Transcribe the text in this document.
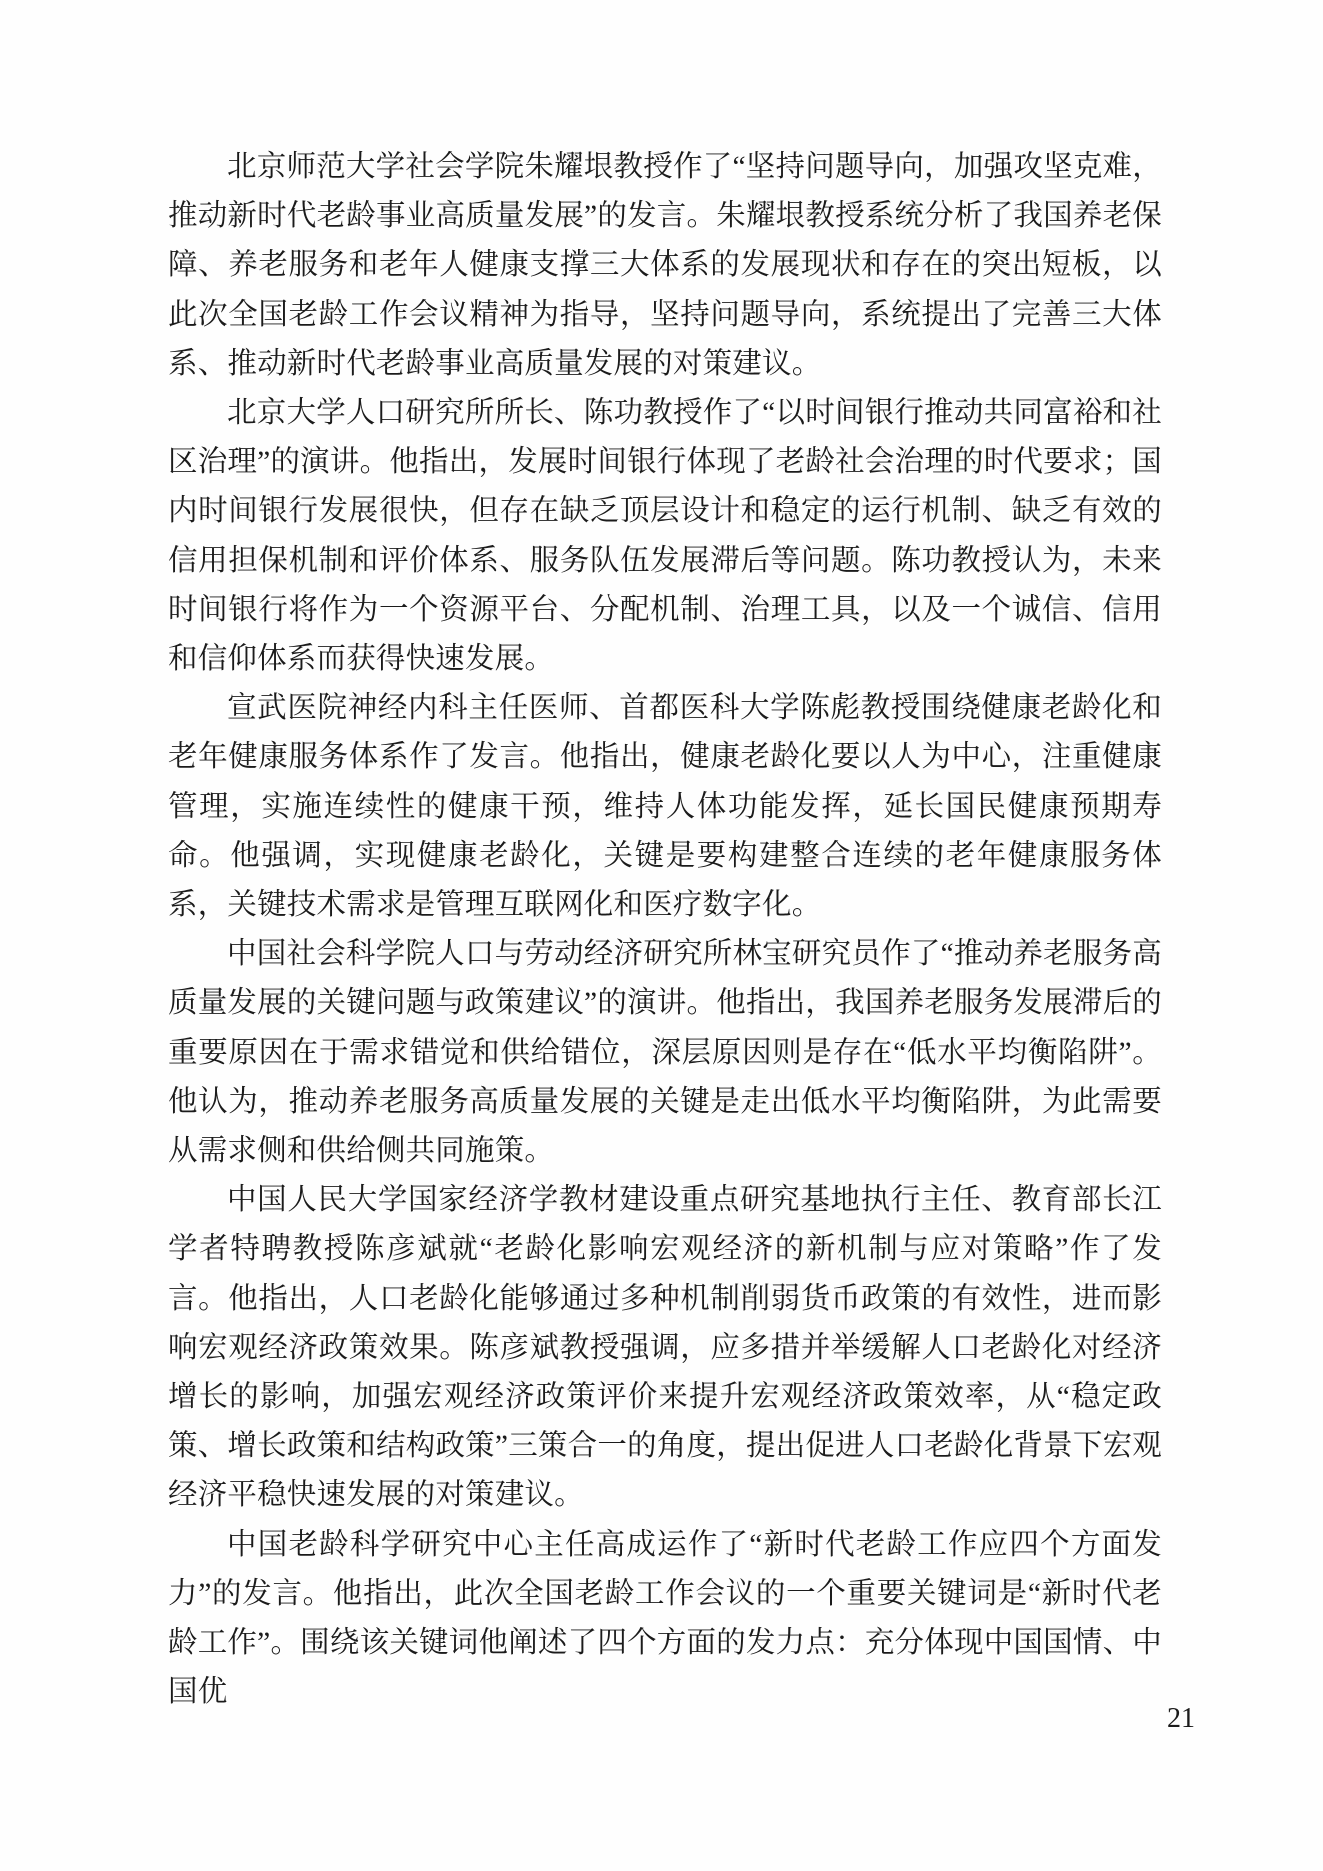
北京师范大学社会学院朱耀垠教授作了“坚持问题导向，加强攻坚克难，推动新时代老龄事业高质量发展”的发言。朱耀垠教授系统分析了我国养老保障、养老服务和老年人健康支撑三大体系的发展现状和存在的突出短板，以此次全国老龄工作会议精神为指导，坚持问题导向，系统提出了完善三大体系、推动新时代老龄事业高质量发展的对策建议。

北京大学人口研究所所长、陈功教授作了“以时间银行推动共同富裕和社区治理”的演讲。他指出，发展时间银行体现了老龄社会治理的时代要求；国内时间银行发展很快，但存在缺乏顶层设计和稳定的运行机制、缺乏有效的信用担保机制和评价体系、服务队伍发展滞后等问题。陈功教授认为，未来时间银行将作为一个资源平台、分配机制、治理工具，以及一个诚信、信用和信仰体系而获得快速发展。

宣武医院神经内科主任医师、首都医科大学陈彪教授围绕健康老龄化和老年健康服务体系作了发言。他指出，健康老龄化要以人为中心，注重健康管理，实施连续性的健康干预，维持人体功能发挥，延长国民健康预期寿命。他强调，实现健康老龄化，关键是要构建整合连续的老年健康服务体系，关键技术需求是管理互联网化和医疗数字化。

中国社会科学院人口与劳动经济研究所林宝研究员作了“推动养老服务高质量发展的关键问题与政策建议”的演讲。他指出，我国养老服务发展滞后的重要原因在于需求错觉和供给错位，深层原因则是存在“低水平均衡陷阱”。他认为，推动养老服务高质量发展的关键是走出低水平均衡陷阱，为此需要从需求侧和供给侧共同施策。

中国人民大学国家经济学教材建设重点研究基地执行主任、教育部长江学者特聘教授陈彦斌就“老龄化影响宏观经济的新机制与应对策略”作了发言。他指出，人口老龄化能够通过多种机制削弱货币政策的有效性，进而影响宏观经济政策效果。陈彦斌教授强调，应多措并举缓解人口老龄化对经济增长的影响，加强宏观经济政策评价来提升宏观经济政策效率，从“稳定政策、增长政策和结构政策”三策合一的角度，提出促进人口老龄化背景下宏观经济平稳快速发展的对策建议。

中国老龄科学研究中心主任高成运作了“新时代老龄工作应四个方面发力”的发言。他指出，此次全国老龄工作会议的一个重要关键词是“新时代老龄工作”。围绕该关键词他阐述了四个方面的发力点：充分体现中国国情、中国优

21
